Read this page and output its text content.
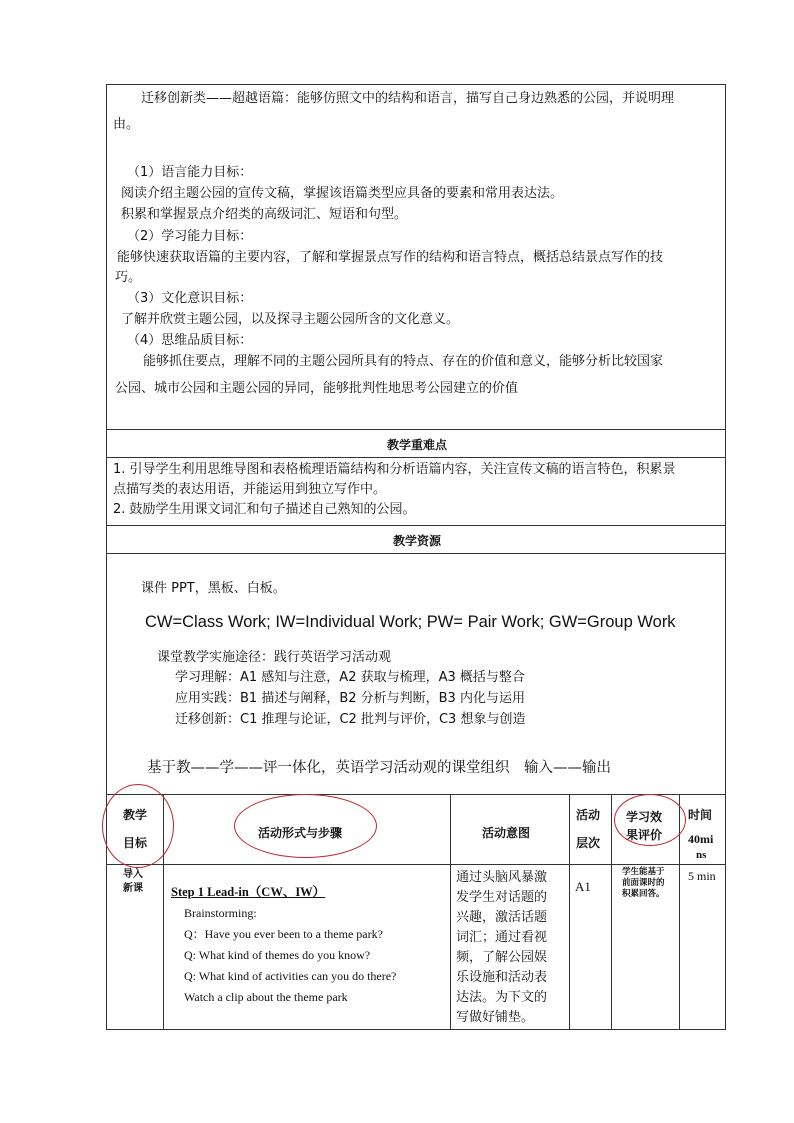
迁移创新类——超越语篇：能够仿照文中的结构和语言，描写自己身边熟悉的公园，并说明理
由。
（1）语言能力目标：
阅读介绍主题公园的宣传文稿，掌握该语篇类型应具备的要素和常用表达法。
积累和掌握景点介绍类的高级词汇、短语和句型。
（2）学习能力目标：
能够快速获取语篇的主要内容，了解和掌握景点写作的结构和语言特点，概括总结景点写作的技
巧。
（3）文化意识目标：
了解并欣赏主题公园，以及探寻主题公园所含的文化意义。
（4）思维品质目标：
能够抓住要点，理解不同的主题公园所具有的特点、存在的价值和意义，能够分析比较国家
公园、城市公园和主题公园的异同，能够批判性地思考公园建立的价值
教学重难点
1. 引导学生利用思维导图和表格梳理语篇结构和分析语篇内容，关注宣传文稿的语言特色，积累景
点描写类的表达用语，并能运用到独立写作中。
2. 鼓励学生用课文词汇和句子描述自己熟知的公园。
教学资源
课件 PPT，黑板、白板。
CW=Class Work; IW=Individual Work; PW= Pair Work; GW=Group Work
课堂教学实施途径：践行英语学习活动观
学习理解：A1 感知与注意，A2 获取与梳理，A3 概括与整合
应用实践：B1 描述与阐释，B2 分析与判断，B3 内化与运用
迁移创新：C1 推理与论证，C2 批判与评价，C3 想象与创造
基于教——学——评一体化，英语学习活动观的课堂组织　输入——输出
教学
目标
活动形式与步骤	活动意图
活动
层次
学习效
果评价
时间
40mi
ns
导入
新课 Step 1 Lead-in（CW、IW）
Brainstorming:
Q：Have you ever been to a theme park?
Q: What kind of themes do you know?
Q: What kind of activities can you do there?
Watch a clip about the theme park
通过头脑风暴激
发学生对话题的
兴趣，激活话题
词汇；通过看视
频，了解公园娱
乐设施和活动表
达法。为下文的
写做好铺垫。
A1
学生能基于
前面课时的
积累回答。
5 min
